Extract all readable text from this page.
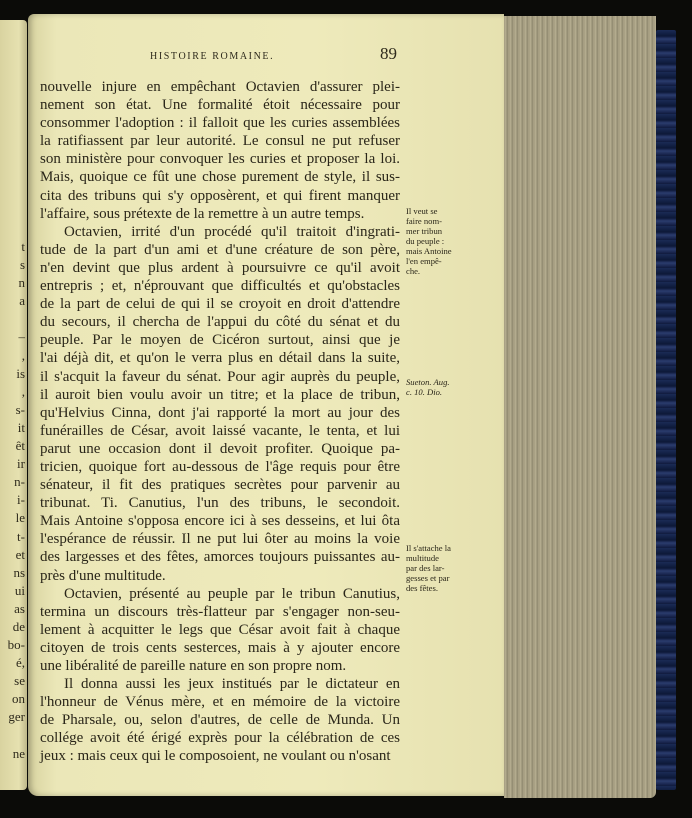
t
s
n
a
–
,
is
,
s-
it
êt
ir
n-
i-
le
t-
et
ns
ui
as
de
bo-
é,
se
on
ger
ne
HISTOIRE ROMAINE.	89
nouvelle injure en empêchant Octavien d'assurer plei-
nement son état. Une formalité étoit nécessaire pour
consommer l'adoption : il falloit que les curies assemblées
la ratifiassent par leur autorité. Le consul ne put refuser
son ministère pour convoquer les curies et proposer la loi.
Mais, quoique ce fût une chose purement de style, il sus-
cita des tribuns qui s'y opposèrent, et qui firent manquer
l'affaire, sous prétexte de la remettre à un autre temps.
Octavien, irrité d'un procédé qu'il traitoit d'ingrati-
tude de la part d'un ami et d'une créature de son père,
n'en devint que plus ardent à poursuivre ce qu'il avoit
entrepris ; et, n'éprouvant que difficultés et qu'obstacles
de la part de celui de qui il se croyoit en droit d'attendre
du secours, il chercha de l'appui du côté du sénat et du
peuple. Par le moyen de Cicéron surtout, ainsi que je
l'ai déjà dit, et qu'on le verra plus en détail dans la suite,
il s'acquit la faveur du sénat. Pour agir auprès du peuple,
il auroit bien voulu avoir un titre; et la place de tribun,
qu'Helvius Cinna, dont j'ai rapporté la mort au jour des
funérailles de César, avoit laissé vacante, le tenta, et lui
parut une occasion dont il devoit profiter. Quoique pa-
tricien, quoique fort au-dessous de l'âge requis pour être
sénateur, il fit des pratiques secrètes pour parvenir au
tribunat. Ti. Canutius, l'un des tribuns, le secondoit.
Mais Antoine s'opposa encore ici à ses desseins, et lui ôta
l'espérance de réussir. Il ne put lui ôter au moins la voie
des largesses et des fêtes, amorces toujours puissantes au-
près d'une multitude.
Octavien, présenté au peuple par le tribun Canutius,
termina un discours très-flatteur par s'engager non-seu-
lement à acquitter le legs que César avoit fait à chaque
citoyen de trois cents sesterces, mais à y ajouter encore
une libéralité de pareille nature en son propre nom.
Il donna aussi les jeux institués par le dictateur en
l'honneur de Vénus mère, et en mémoire de la victoire
de Pharsale, ou, selon d'autres, de celle de Munda. Un
collége avoit été érigé exprès pour la célébration de ces
jeux : mais ceux qui le composoient, ne voulant ou n'osant
Il veut se
faire nom-
mer tribun
du peuple :
mais Antoine
l'en empê-
che.
Sueton. Aug.
c. 10. Dio.
Il s'attache la
multitude
par des lar-
gesses et par
des fêtes.
